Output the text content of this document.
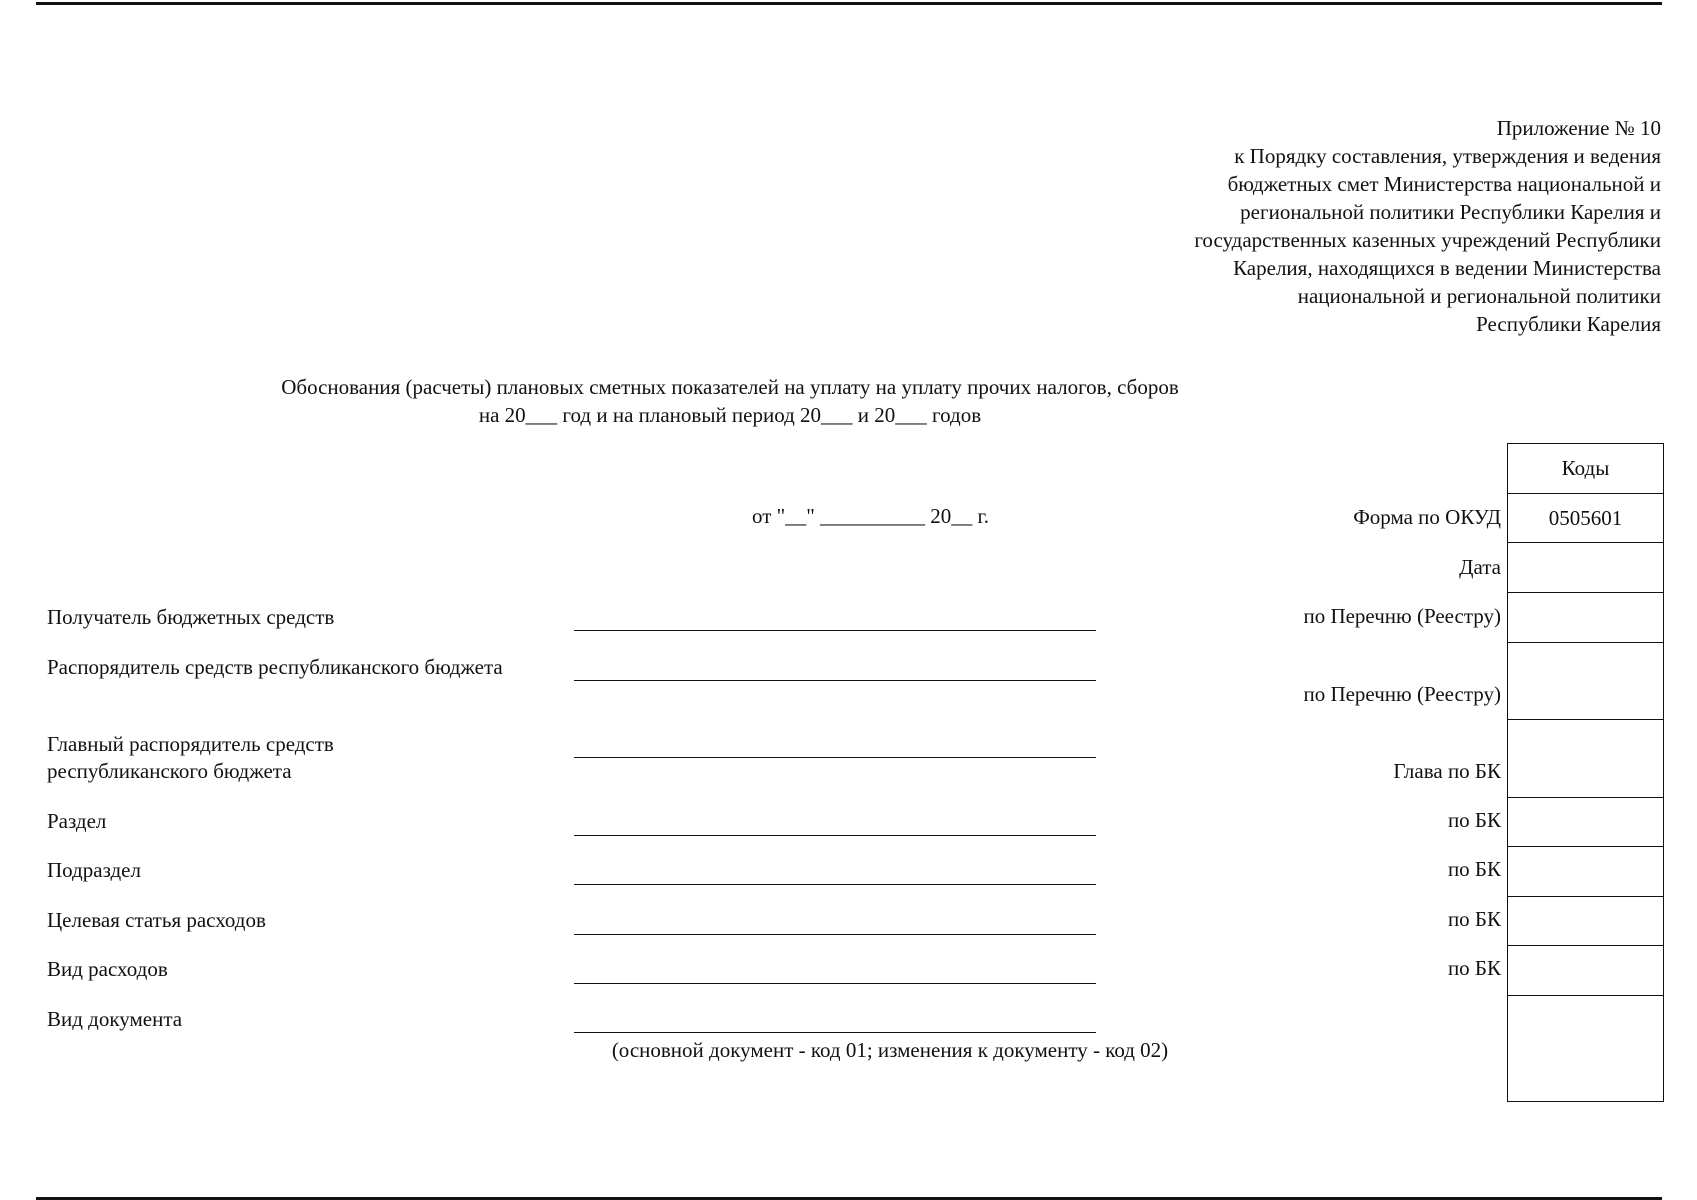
Приложение № 10
к Порядку составления, утверждения и ведения
бюджетных смет Министерства национальной и
региональной политики Республики Карелия и
государственных казенных учреждений Республики
Карелия, находящихся в ведении Министерства
национальной и региональной политики
Республики Карелия
Обоснования (расчеты) плановых сметных показателей на уплату на уплату прочих налогов, сборов
на 20___ год и на плановый период 20___ и 20___ годов
от "__" __________ 20__ г.
Получатель бюджетных средств
Распорядитель средств республиканского бюджета
Главный распорядитель средств республиканского бюджета
Раздел
Подраздел
Целевая статья расходов
Вид расходов
Вид документа
(основной документ - код 01; изменения к документу - код 02)
Форма по ОКУД
Дата
по Перечню (Реестру)
по Перечню (Реестру)
Глава по БК
по БК
по БК
по БК
по БК
Коды
0505601
